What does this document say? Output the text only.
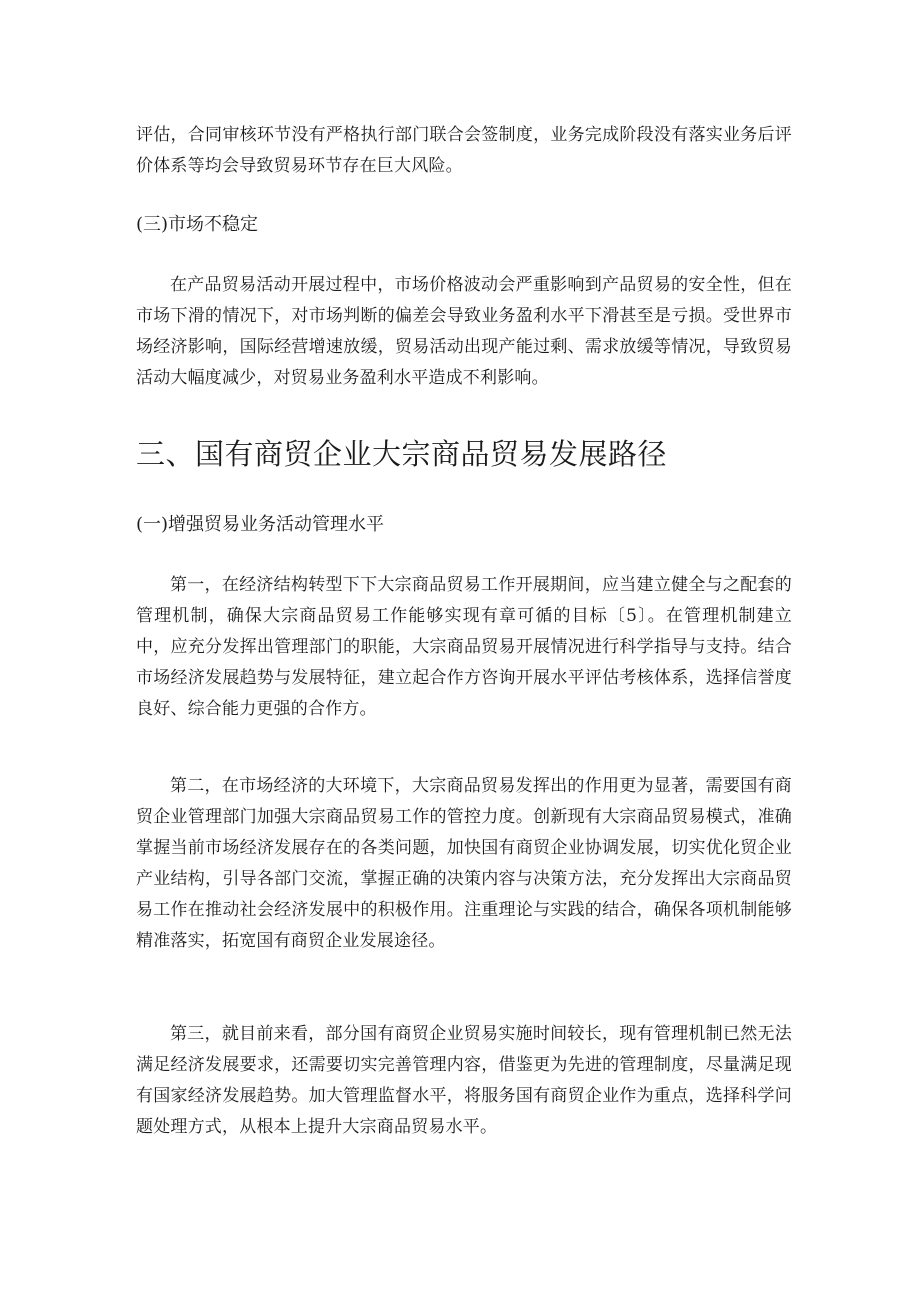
评估，合同审核环节没有严格执行部门联合会签制度，业务完成阶段没有落实业务后评价体系等均会导致贸易环节存在巨大风险。

(三)市场不稳定

在产品贸易活动开展过程中，市场价格波动会严重影响到产品贸易的安全性，但在市场下滑的情况下，对市场判断的偏差会导致业务盈利水平下滑甚至是亏损。受世界市场经济影响，国际经营增速放缓，贸易活动出现产能过剩、需求放缓等情况，导致贸易活动大幅度减少，对贸易业务盈利水平造成不利影响。

三、国有商贸企业大宗商品贸易发展路径
(一)增强贸易业务活动管理水平

第一，在经济结构转型下下大宗商品贸易工作开展期间，应当建立健全与之配套的管理机制，确保大宗商品贸易工作能够实现有章可循的目标〔5〕。在管理机制建立中，应充分发挥出管理部门的职能，大宗商品贸易开展情况进行科学指导与支持。结合市场经济发展趋势与发展特征，建立起合作方咨询开展水平评估考核体系，选择信誉度良好、综合能力更强的合作方。

第二，在市场经济的大环境下，大宗商品贸易发挥出的作用更为显著，需要国有商贸企业管理部门加强大宗商品贸易工作的管控力度。创新现有大宗商品贸易模式，准确掌握当前市场经济发展存在的各类问题，加快国有商贸企业协调发展，切实优化贸企业产业结构，引导各部门交流，掌握正确的决策内容与决策方法，充分发挥出大宗商品贸易工作在推动社会经济发展中的积极作用。注重理论与实践的结合，确保各项机制能够精准落实，拓宽国有商贸企业发展途径。

第三，就目前来看，部分国有商贸企业贸易实施时间较长，现有管理机制已然无法满足经济发展要求，还需要切实完善管理内容，借鉴更为先进的管理制度，尽量满足现有国家经济发展趋势。加大管理监督水平，将服务国有商贸企业作为重点，选择科学问题处理方式，从根本上提升大宗商品贸易水平。
